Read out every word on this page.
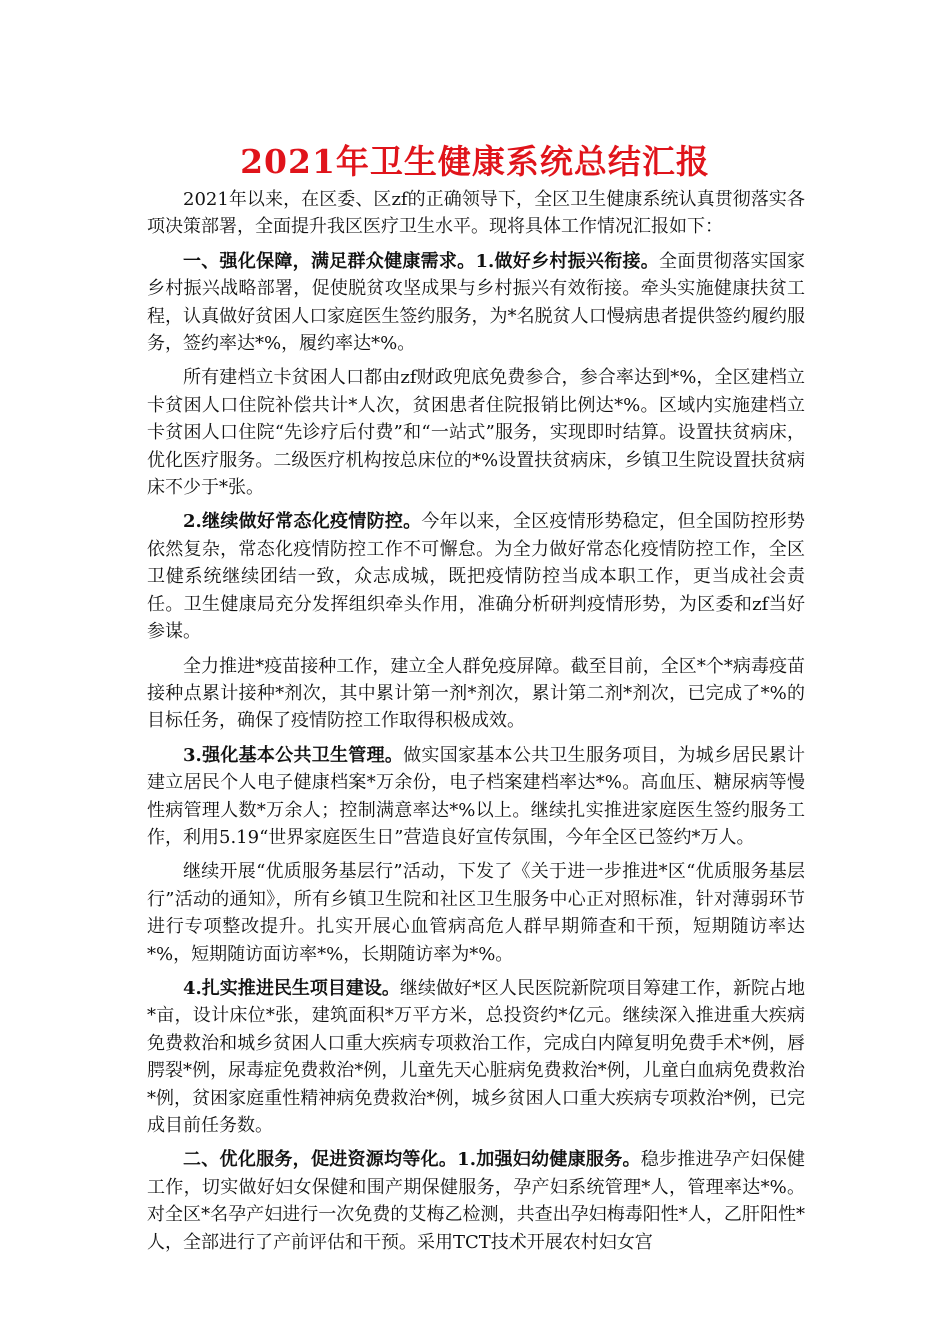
2021年卫生健康系统总结汇报

2021年以来，在区委、区zf的正确领导下，全区卫生健康系统认真贯彻落实各项决策部署，全面提升我区医疗卫生水平。现将具体工作情况汇报如下：

一、强化保障，满足群众健康需求。1.做好乡村振兴衔接。全面贯彻落实国家乡村振兴战略部署，促使脱贫攻坚成果与乡村振兴有效衔接。牵头实施健康扶贫工程，认真做好贫困人口家庭医生签约服务，为*名脱贫人口慢病患者提供签约履约服务，签约率达*%，履约率达*%。

所有建档立卡贫困人口都由zf财政兜底免费参合，参合率达到*%，全区建档立卡贫困人口住院补偿共计*人次，贫困患者住院报销比例达*%。区域内实施建档立卡贫困人口住院“先诊疗后付费”和“一站式”服务，实现即时结算。设置扶贫病床，优化医疗服务。二级医疗机构按总床位的*%设置扶贫病床，乡镇卫生院设置扶贫病床不少于*张。

2.继续做好常态化疫情防控。今年以来，全区疫情形势稳定，但全国防控形势依然复杂，常态化疫情防控工作不可懈怠。为全力做好常态化疫情防控工作，全区卫健系统继续团结一致，众志成城，既把疫情防控当成本职工作，更当成社会责任。卫生健康局充分发挥组织牵头作用，准确分析研判疫情形势，为区委和zf当好参谋。

全力推进*疫苗接种工作，建立全人群免疫屏障。截至目前，全区*个*病毒疫苗接种点累计接种*剂次，其中累计第一剂*剂次，累计第二剂*剂次，已完成了*%的目标任务，确保了疫情防控工作取得积极成效。

3.强化基本公共卫生管理。做实国家基本公共卫生服务项目，为城乡居民累计建立居民个人电子健康档案*万余份，电子档案建档率达*%。高血压、糖尿病等慢性病管理人数*万余人；控制满意率达*%以上。继续扎实推进家庭医生签约服务工作，利用5.19“世界家庭医生日”营造良好宣传氛围，今年全区已签约*万人。

继续开展“优质服务基层行”活动，下发了《关于进一步推进*区“优质服务基层行”活动的通知》，所有乡镇卫生院和社区卫生服务中心正对照标准，针对薄弱环节进行专项整改提升。扎实开展心血管病高危人群早期筛查和干预，短期随访率达*%，短期随访面访率*%，长期随访率为*%。

4.扎实推进民生项目建设。继续做好*区人民医院新院项目筹建工作，新院占地*亩，设计床位*张，建筑面积*万平方米，总投资约*亿元。继续深入推进重大疾病免费救治和城乡贫困人口重大疾病专项救治工作，完成白内障复明免费手术*例，唇腭裂*例，尿毒症免费救治*例，儿童先天心脏病免费救治*例，儿童白血病免费救治*例，贫困家庭重性精神病免费救治*例，城乡贫困人口重大疾病专项救治*例，已完成目前任务数。

二、优化服务，促进资源均等化。1.加强妇幼健康服务。稳步推进孕产妇保健工作，切实做好妇女保健和围产期保健服务，孕产妇系统管理*人，管理率达*%。对全区*名孕产妇进行一次免费的艾梅乙检测，共查出孕妇梅毒阳性*人，乙肝阳性*人，全部进行了产前评估和干预。采用TCT技术开展农村妇女宫
